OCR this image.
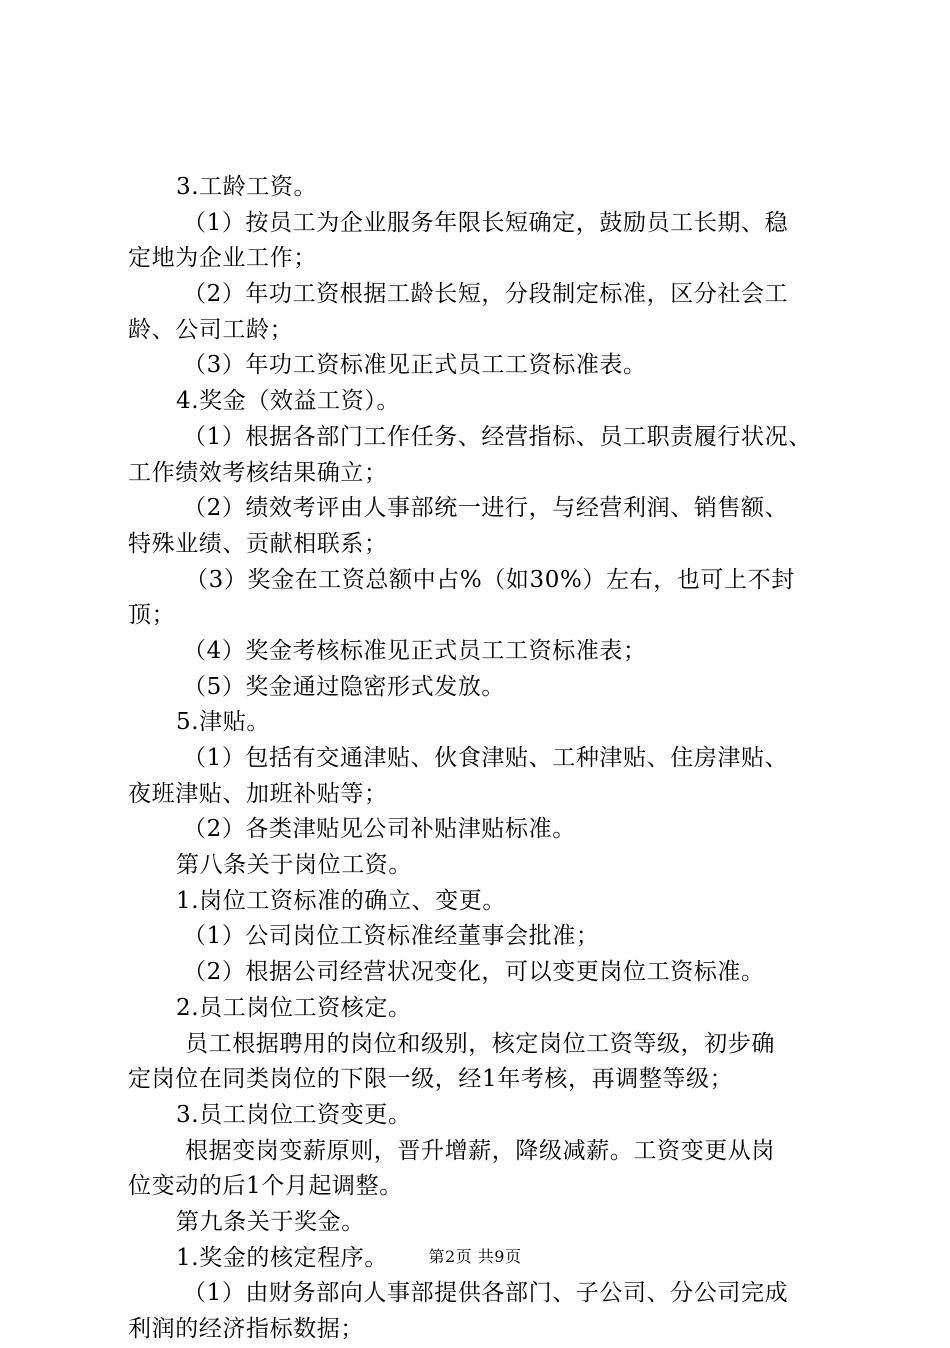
3.工龄工资。
（1）按员工为企业服务年限长短确定，鼓励员工长期、稳
定地为企业工作；
（2）年功工资根据工龄长短，分段制定标准，区分社会工
龄、公司工龄；
（3）年功工资标准见正式员工工资标准表。
4.奖金（效益工资）。
（1）根据各部门工作任务、经营指标、员工职责履行状况、
工作绩效考核结果确立；
（2）绩效考评由人事部统一进行，与经营利润、销售额、
特殊业绩、贡献相联系；
（3）奖金在工资总额中占%（如30%）左右，也可上不封
顶；
（4）奖金考核标准见正式员工工资标准表；
（5）奖金通过隐密形式发放。
5.津贴。
（1）包括有交通津贴、伙食津贴、工种津贴、住房津贴、
夜班津贴、加班补贴等；
（2）各类津贴见公司补贴津贴标准。
第八条关于岗位工资。
1.岗位工资标准的确立、变更。
（1）公司岗位工资标准经董事会批准；
（2）根据公司经营状况变化，可以变更岗位工资标准。
2.员工岗位工资核定。
员工根据聘用的岗位和级别，核定岗位工资等级，初步确
定岗位在同类岗位的下限一级，经1年考核，再调整等级；
3.员工岗位工资变更。
根据变岗变薪原则，晋升增薪，降级减薪。工资变更从岗
位变动的后1个月起调整。
第九条关于奖金。
1.奖金的核定程序。
（1）由财务部向人事部提供各部门、子公司、分公司完成
利润的经济指标数据；
第2页 共9页
